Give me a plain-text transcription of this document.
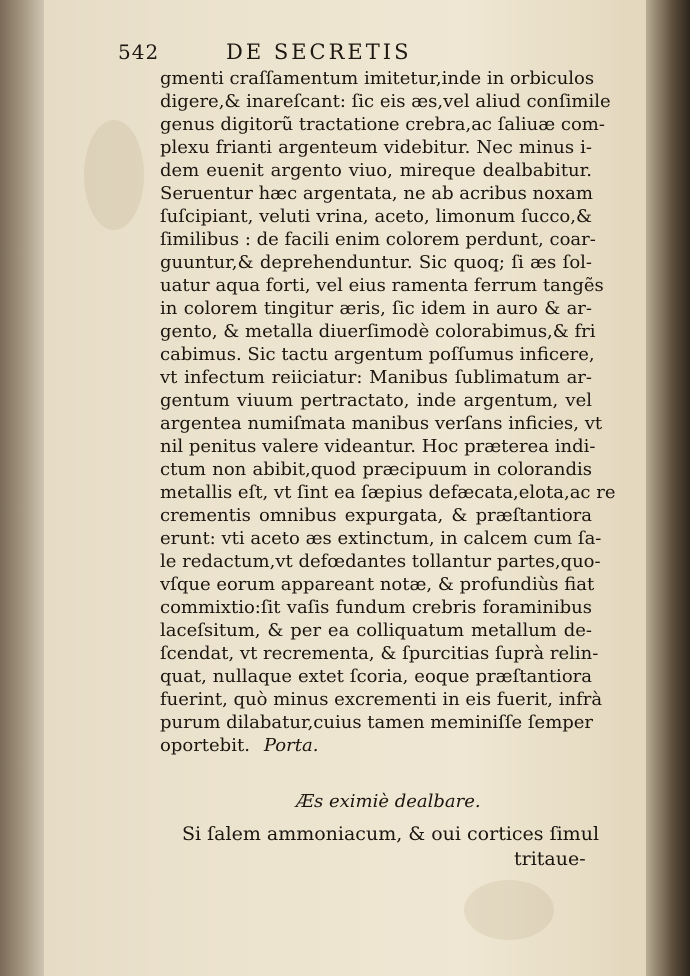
542	DE SECRETIS
gmenti craſſamentum imitetur,inde in orbiculos
digere,& inareſcant: ſic eis æs,vel aliud conſimile
genus digitorũ tractatione crebra,ac ſaliuæ com-
plexu frianti argenteum videbitur. Nec minus i-
dem euenit argento viuo, mireque dealbabitur.
Seruentur hæc argentata, ne ab acribus noxam
ſuſcipiant, veluti vrina, aceto, limonum ſucco,&
ſimilibus : de facili enim colorem perdunt, coar-
guuntur,& deprehenduntur. Sic quoq; ſi æs ſol-
uatur aqua forti, vel eius ramenta ferrum tangẽs
in colorem tingitur æris, ſic idem in auro & ar-
gento, & metalla diuerſimodè colorabimus,& fri
cabimus. Sic tactu argentum poſſumus inficere,
vt infectum reiiciatur: Manibus ſublimatum ar-
gentum viuum pertractato, inde argentum, vel
argentea numiſmata manibus verſans inficies, vt
nil penitus valere videantur. Hoc præterea indi-
ctum non abibit,quod præcipuum in colorandis
metallis eſt, vt ſint ea ſæpius defæcata,elota,ac re
crementis omnibus expurgata, & præſtantiora
erunt: vti aceto æs extinctum, in calcem cum ſa-
le redactum,vt defœdantes tollantur partes,quo-
vſque eorum appareant notæ, & profundiùs fiat
commixtio:ſit vaſis fundum crebris foraminibus
laceſsitum, & per ea colliquatum metallum de-
ſcendat, vt recrementa, & ſpurcitias ſuprà relin-
quat, nullaque extet ſcoria, eoque præſtantiora
fuerint, quò minus excrementi in eis fuerit, infrà
purum dilabatur,cuius tamen meminiſſe ſemper
oportebit. Porta.
Æs eximiè dealbare.
Si ſalem ammoniacum, & oui cortices ſimul
tritaue-
